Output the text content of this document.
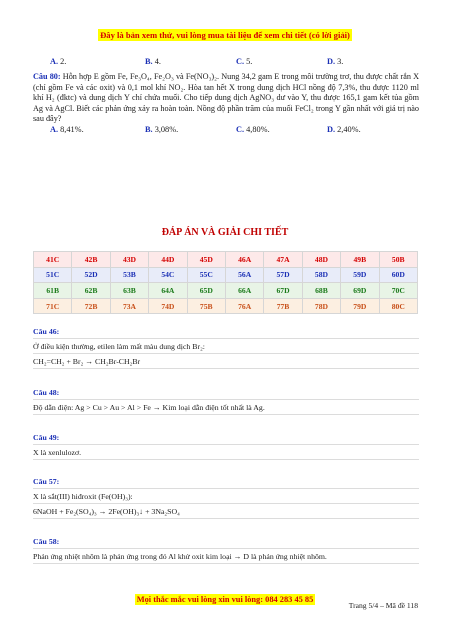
Đây là bản xem thử, vui lòng mua tài liệu để xem chi tiết (có lời giải)
A. 2.	B. 4.	C. 5.	D. 3.
Câu 80: Hỗn hợp E gồm Fe, Fe₃O₄, Fe₂O₃ và Fe(NO₃)₂. Nung 34,2 gam E trong môi trường trơ, thu được chất rắn X (chỉ gồm Fe và các oxit) và 0,1 mol khí NO₂. Hòa tan hết X trong dung dịch HCl nồng độ 7,3%, thu được 1120 ml khí H₂ (đktc) và dung dịch Y chỉ chứa muối. Cho tiếp dung dịch AgNO₃ dư vào Y, thu được 165,1 gam kết tủa gồm Ag và AgCl. Biết các phản ứng xảy ra hoàn toàn. Nồng độ phần trăm của muối FeCl₂ trong Y gần nhất với giá trị nào sau đây?
A. 8,41%.	B. 3,08%.	C. 4,80%.	D. 2,40%.
ĐÁP ÁN VÀ GIẢI CHI TIẾT
41C	42B	43D	44D	45D	46A	47A	48D	49B	50B
51C	52D	53B	54C	55C	56A	57D	58D	59D	60D
61B	62B	63B	64A	65D	66A	67D	68B	69D	70C
71C	72B	73A	74D	75B	76A	77B	78D	79D	80C
Câu 46:
Ở điều kiện thường, etilen làm mất màu dung dịch Br₂:
CH₂=CH₂ + Br₂ → CH₂Br-CH₂Br
Câu 48:
Độ dẫn điện: Ag > Cu > Au > Al > Fe → Kim loại dẫn điện tốt nhất là Ag.
Câu 49:
X là xenlulozơ.
Câu 57:
X là sắt(III) hiđroxit (Fe(OH)₃):
6NaOH + Fe₂(SO₄)₃ → 2Fe(OH)₃↓ + 3Na₂SO₄
Câu 58:
Phản ứng nhiệt nhôm là phản ứng trong đó Al khử oxit kim loại → D là phản ứng nhiệt nhôm.
Mọi thắc mắc vui lòng xin vui lòng: 084 283 45 85
Trang 5/4 – Mã đề 118
